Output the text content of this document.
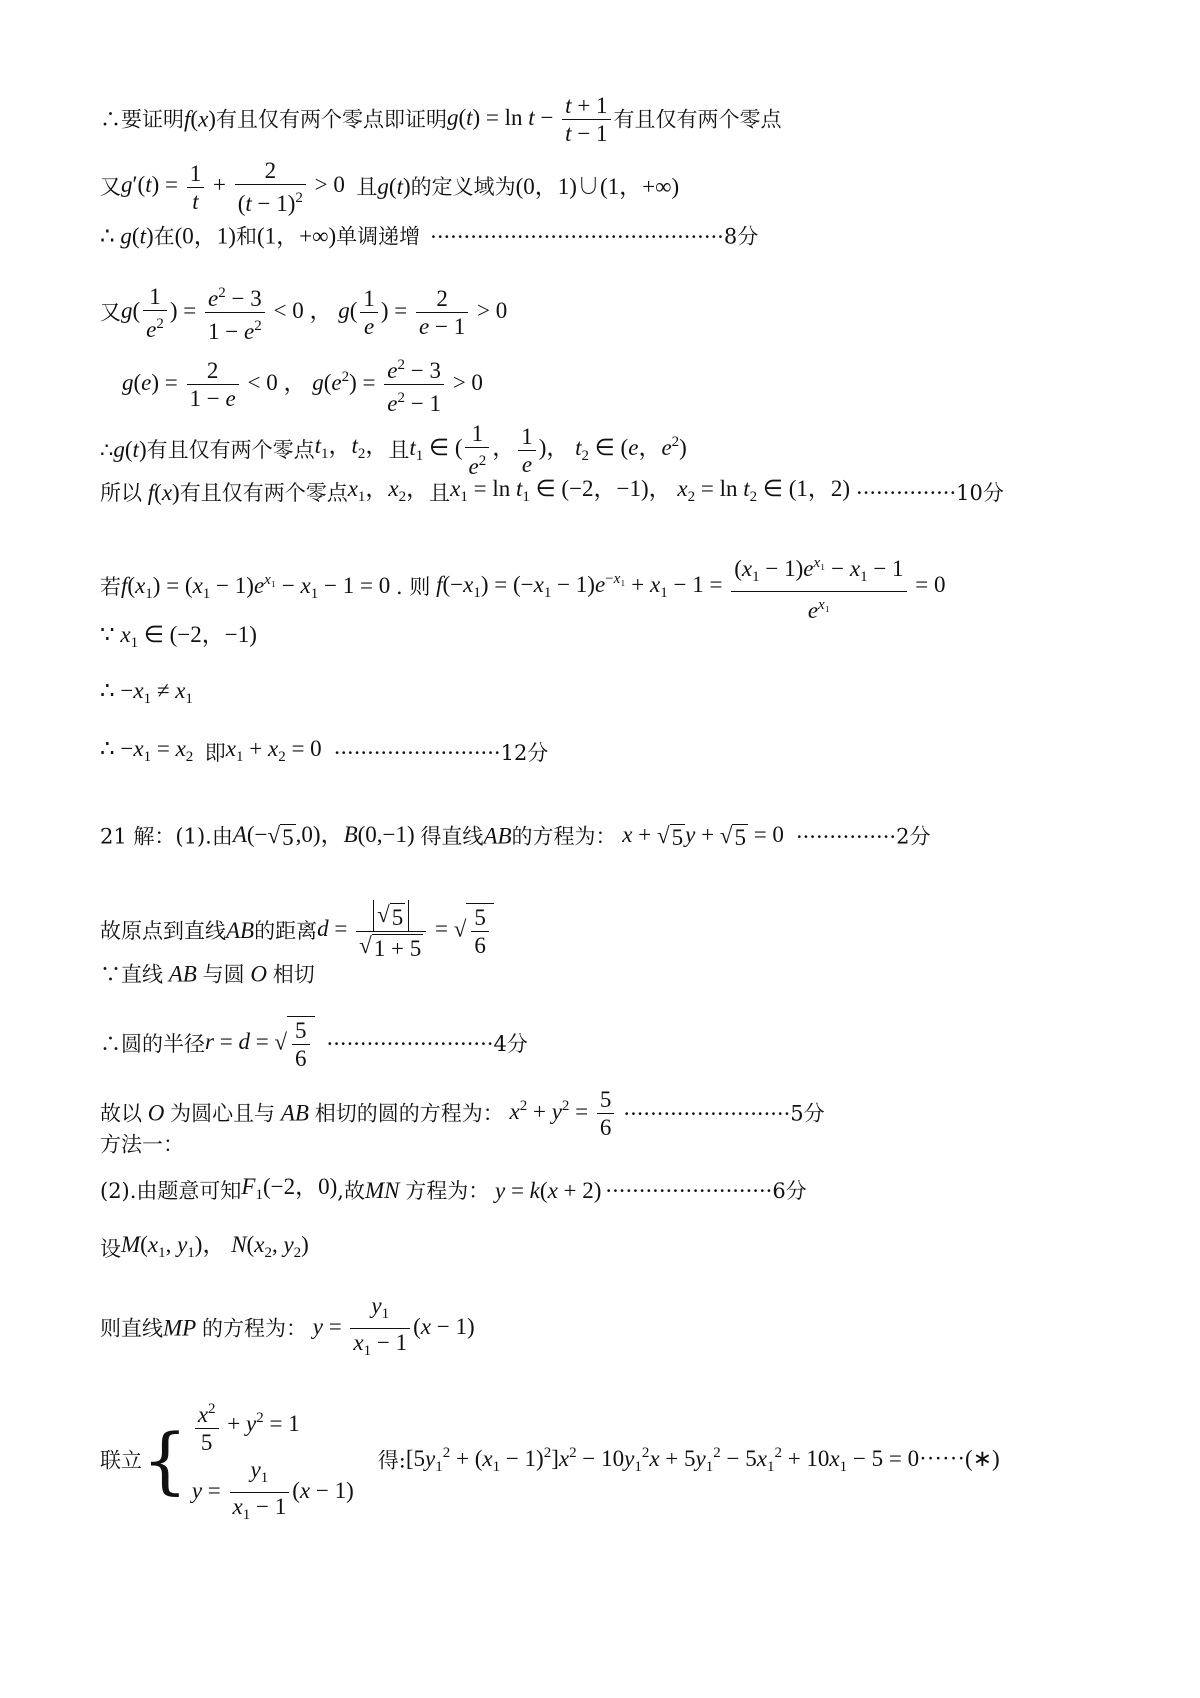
∴要证明f(x)有且仅有两个零点即证明$g(t) = \ln t - \frac{t + 1}{t - 1}$ 有且仅有两个零点
又$g'(t) = \frac{1}{t} + \frac{2}{(t - 1)^2} > 0$  且g(t)的定义域为(0，1)∪(1，+∞)
∴ g(t)在(0，1)和(1，+∞)单调递增 ············································8分
又$g( \frac{1}{e^2}$ ) = $\frac{e^2 - 3}{1 - e^2} < 0$ ， $g( \frac{1}{e}$ ) = $\frac{2}{e - 1} > 0$
$g(e) = \frac{2}{1 - e} < 0$ ， $g(e^2) = \frac{e^2 - 3}{e^2 - 1} > 0$
∴g(t)有且仅有两个零点$t_1$，$t_2$，且$t_1$ ∈ ( $\frac{1}{e^2}$ ， $\frac{1}{e}$ )， $t_2$ ∈ (e，$e^2$)
所以 f(x)有且仅有两个零点$x_1$，$x_2$，且$x_1 = \ln t_1$ ∈ (−2，−1)， $x_2 = \ln t_2$ ∈ (1，2) ···············10分
若$f(x_1) = (x_1 - 1)e^{x_1} - x_1 - 1 = 0$ . 则 $f(-x_1) = (-x_1 - 1)e^{-x_1} + x_1 - 1 = \frac{(x_1 - 1)e^{x_1} - x_1 - 1}{e^{x_1}} = 0$
∵ $x_1$ ∈ (−2，−1)
∴ $-x_1 \ne x_1$
∴ $-x_1 = x_2$ 即$x_1 + x_2 = 0 \cdot\cdot\cdot\cdot\cdot\cdot\cdot\cdot\cdot\cdot\cdot\cdot\cdot\cdot\cdot\cdot\cdot\cdot\cdot\cdot\cdot\cdot\cdot\cdot\cdot 12$分
21 解：(1).由A(−√5,0)，B(0,−1) 得直线AB的方程为： x + √5y + √5 = 0 ···············2分
故原点到直线AB的距离$d = \frac{√5}{√1 + 5}$ = √ $\frac{5}{6}$
∵直线 AB 与圆 O 相切
∴圆的半径r = d = √ $\frac{5}{6} \cdot\cdot\cdot\cdot\cdot\cdot\cdot\cdot\cdot\cdot\cdot\cdot\cdot\cdot\cdot\cdot\cdot\cdot\cdot\cdot\cdot\cdot\cdot\cdot\cdot 4$分
故以 O 为圆心且与 AB 相切的圆的方程为： $x^2 + y^2 = \frac{5}{6} \cdot\cdot\cdot\cdot\cdot\cdot\cdot\cdot\cdot\cdot\cdot\cdot\cdot\cdot\cdot\cdot\cdot\cdot\cdot\cdot\cdot\cdot\cdot\cdot\cdot 5$分
方法一：
(2).由题意可知$F_1(-2$，0),故MN 方程为： y = k(x + 2) ·························6分
设$M(x_1$, $y_1$)， $N(x_2$, $y_2$)
则直线MP 的方程为： $y = \frac{y_1}{x_1 - 1} (x - 1)$
联立{ $\frac{x^2}{5} + y^2 = 1$
$y = \frac{y_1}{x_1 - 1} (x - 1)$
得$:[5y_1^2 + (x_1 - 1)^2]x^2 - 10y_1^2x + 5y_1^2 - 5x_1^2 + 10x_1 - 5$ = 0······(∗)
